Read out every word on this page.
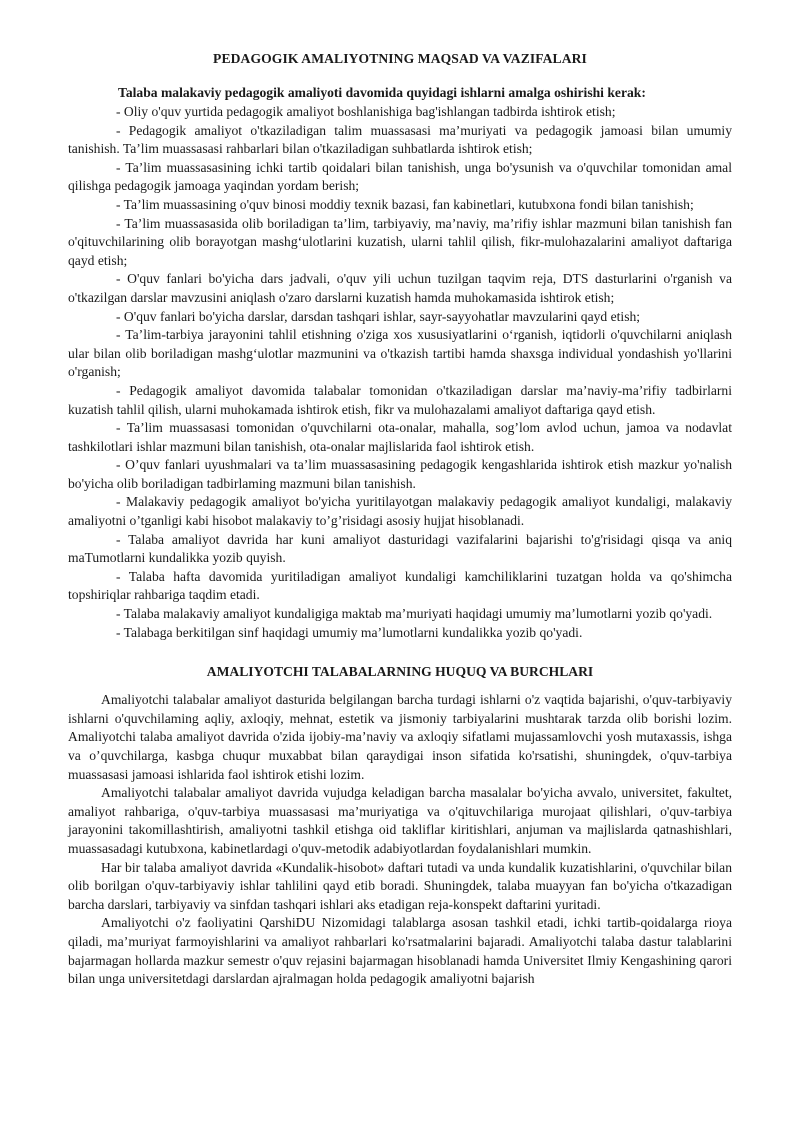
PEDAGOGIK AMALIYOTNING MAQSAD VA VAZIFALARI

Talaba malakaviy pedagogik amaliyoti davomida quyidagi ishlarni amalga oshirishi kerak:

- Oliy o'quv yurtida pedagogik amaliyot boshlanishiga bag'ishlangan tadbirda ishtirok etish;

- Pedagogik amaliyot o'tkaziladigan talim muassasasi ma’muriyati va pedagogik jamoasi bilan umumiy tanishish. Ta’lim muassasasi rahbarlari bilan o'tkaziladigan suhbatlarda ishtirok etish;

- Ta’lim muassasasining ichki tartib qoidalari bilan tanishish, unga bo'ysunish va o'quvchilar tomonidan amal qilishga pedagogik jamoaga yaqindan yordam berish;

- Ta’lim muassasining o'quv binosi moddiy texnik bazasi, fan kabinetlari, kutubxona fondi bilan tanishish;

- Ta’lim muassasasida olib boriladigan ta’lim, tarbiyaviy, ma’naviy, ma’rifiy ishlar mazmuni bilan tanishish fan o'qituvchilarining olib borayotgan mashg‘ulotlarini kuzatish, ularni tahlil qilish, fikr-mulohazalarini amaliyot daftariga qayd etish;

- O'quv fanlari bo'yicha dars jadvali, o'quv yili uchun tuzilgan taqvim reja, DTS dasturlarini o'rganish va o'tkazilgan darslar mavzusini aniqlash o'zaro darslarni kuzatish hamda muhokamasida ishtirok etish;

- O'quv fanlari bo'yicha darslar, darsdan tashqari ishlar, sayr-sayyohatlar mavzularini qayd etish;

- Ta’lim-tarbiya jarayonini tahlil etishning o'ziga xos xususiyatlarini o‘rganish, iqtidorli o'quvchilarni aniqlash ular bilan olib boriladigan mashg‘ulotlar mazmunini va o'tkazish tartibi hamda shaxsga individual yondashish yo'llarini o'rganish;

- Pedagogik amaliyot davomida talabalar tomonidan o'tkaziladigan darslar ma’naviy-ma’rifiy tadbirlarni kuzatish tahlil qilish, ularni muhokamada ishtirok etish, fikr va mulohazalami amaliyot daftariga qayd etish.

- Ta’lim muassasasi tomonidan o'quvchilarni ota-onalar, mahalla, sog’lom avlod uchun, jamoa va nodavlat tashkilotlari ishlar mazmuni bilan tanishish, ota-onalar majlislarida faol ishtirok etish.

- O’quv fanlari uyushmalari va ta’lim muassasasining pedagogik kengashlarida ishtirok etish mazkur yo'nalish bo'yicha olib boriladigan tadbirlaming mazmuni bilan tanishish.

- Malakaviy pedagogik amaliyot bo'yicha yuritilayotgan malakaviy pedagogik amaliyot kundaligi, malakaviy amaliyotni o’tganligi kabi hisobot malakaviy to’g’risidagi asosiy hujjat hisoblanadi.

- Talaba amaliyot davrida har kuni amaliyot dasturidagi vazifalarini bajarishi to'g'risidagi qisqa va aniq maTumotlarni kundalikka yozib quyish.

- Talaba hafta davomida yuritiladigan amaliyot kundaligi kamchiliklarini tuzatgan holda va qo'shimcha topshiriqlar rahbariga taqdim etadi.

- Talaba malakaviy amaliyot kundaligiga maktab ma’muriyati haqidagi umumiy ma’lumotlarni yozib qo'yadi.

- Talabaga berkitilgan sinf haqidagi umumiy ma’lumotlarni kundalikka yozib qo'yadi.

AMALIYOTCHI TALABALARNING HUQUQ VA BURCHLARI

Amaliyotchi talabalar amaliyot dasturida belgilangan barcha turdagi ishlarni o'z vaqtida bajarishi, o'quv-tarbiyaviy ishlarni o'quvchilaming aqliy, axloqiy, mehnat, estetik va jismoniy tarbiyalarini mushtarak tarzda olib borishi lozim. Amaliyotchi talaba amaliyot davrida o'zida ijobiy-ma’naviy va axloqiy sifatlami mujassamlovchi yosh mutaxassis, ishga va o’quvchilarga, kasbga chuqur muxabbat bilan qaraydigai inson sifatida ko'rsatishi, shuningdek, o'quv-tarbiya muassasasi jamoasi ishlarida faol ishtirok etishi lozim.

Amaliyotchi talabalar amaliyot davrida vujudga keladigan barcha masalalar bo'yicha avvalo, universitet, fakultet, amaliyot rahbariga, o'quv-tarbiya muassasasi ma’muriyatiga va o'qituvchilariga murojaat qilishlari, o'quv-tarbiya jarayonini takomillashtirish, amaliyotni tashkil etishga oid takliflar kiritishlari, anjuman va majlislarda qatnashishlari, muassasadagi kutubxona, kabinetlardagi o'quv-metodik adabiyotlardan foydalanishlari mumkin.

Har bir talaba amaliyot davrida «Kundalik-hisobot» daftari tutadi va unda kundalik kuzatishlarini, o'quvchilar bilan olib borilgan o'quv-tarbiyaviy ishlar tahlilini qayd etib boradi. Shuningdek, talaba muayyan fan bo'yicha o'tkazadigan barcha darslari, tarbiyaviy va sinfdan tashqari ishlari aks etadigan reja-konspekt daftarini yuritadi.

Amaliyotchi o'z faoliyatini QarshiDU Nizomidagi talablarga asosan tashkil etadi, ichki tartib-qoidalarga rioya qiladi, ma’muriyat farmoyishlarini va amaliyot rahbarlari ko'rsatmalarini bajaradi. Amaliyotchi talaba dastur talablarini bajarmagan hollarda mazkur semestr o'quv rejasini bajarmagan hisoblanadi hamda Universitet Ilmiy Kengashining qarori bilan unga universitetdagi darslardan ajralmagan holda pedagogik amaliyotni bajarish
